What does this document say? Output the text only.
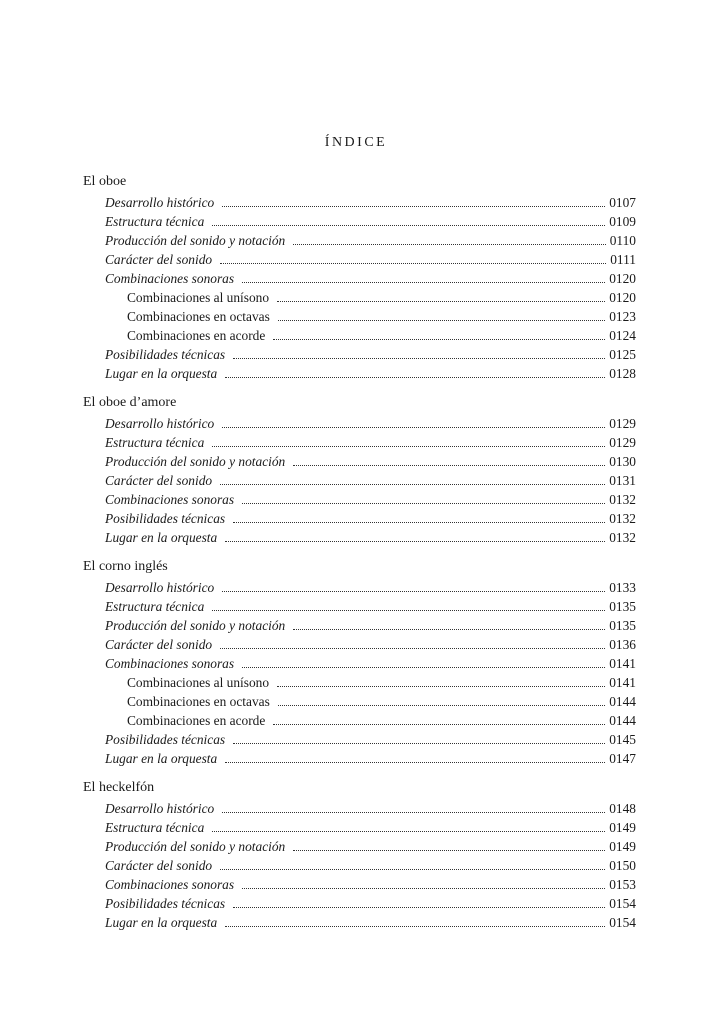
ÍNDICE
El oboe
Desarrollo histórico	0107
Estructura técnica	0109
Producción del sonido y notación	0110
Carácter del sonido	0111
Combinaciones sonoras	0120
Combinaciones al unísono	0120
Combinaciones en octavas	0123
Combinaciones en acorde	0124
Posibilidades técnicas	0125
Lugar en la orquesta	0128
El oboe d’amore
Desarrollo histórico	0129
Estructura técnica	0129
Producción del sonido y notación	0130
Carácter del sonido	0131
Combinaciones sonoras	0132
Posibilidades técnicas	0132
Lugar en la orquesta	0132
El corno inglés
Desarrollo histórico	0133
Estructura técnica	0135
Producción del sonido y notación	0135
Carácter del sonido	0136
Combinaciones sonoras	0141
Combinaciones al unísono	0141
Combinaciones en octavas	0144
Combinaciones en acorde	0144
Posibilidades técnicas	0145
Lugar en la orquesta	0147
El heckelfón
Desarrollo histórico	0148
Estructura técnica	0149
Producción del sonido y notación	0149
Carácter del sonido	0150
Combinaciones sonoras	0153
Posibilidades técnicas	0154
Lugar en la orquesta	0154
